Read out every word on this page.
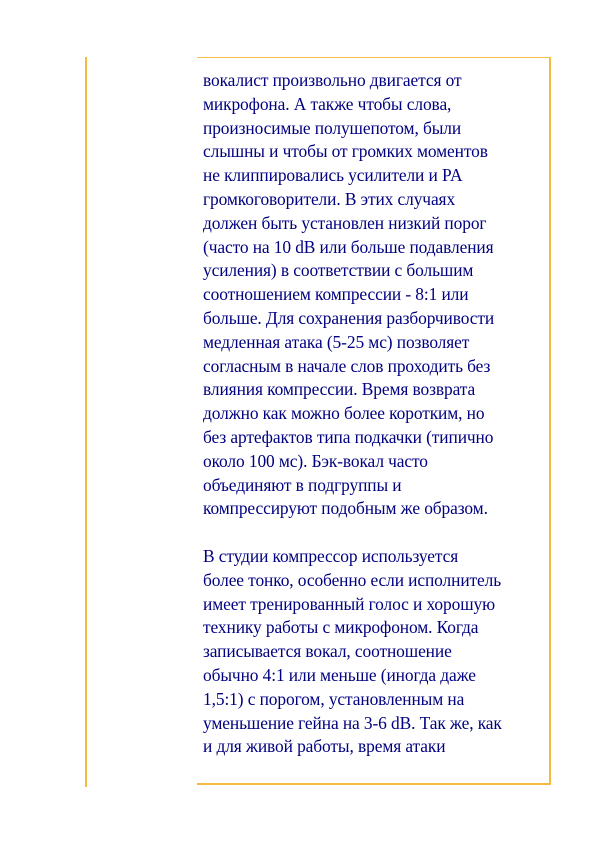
вокалист произвольно двигается от
микрофона. А также чтобы слова,
произносимые полушепотом, были
слышны и чтобы от громких моментов
не клиппировались усилители и PA
громкоговорители. В этих случаях
должен быть установлен низкий порог
(часто на 10 dB или больше подавления
усиления) в соответствии с большим
соотношением компрессии - 8:1 или
больше. Для сохранения разборчивости
медленная атака (5-25 мс) позволяет
согласным в начале слов проходить без
влияния компрессии. Время возврата
должно как можно более коротким, но
без артефактов типа подкачки (типично
около 100 мс). Бэк-вокал часто
объединяют в подгруппы и
компрессируют подобным же образом.
В студии компрессор используется
более тонко, особенно если исполнитель
имеет тренированный голос и хорошую
технику работы с микрофоном. Когда
записывается вокал, соотношение
обычно 4:1 или меньше (иногда даже
1,5:1) с порогом, установленным на
уменьшение гейна на 3-6 dB. Так же, как
и для живой работы, время атаки
